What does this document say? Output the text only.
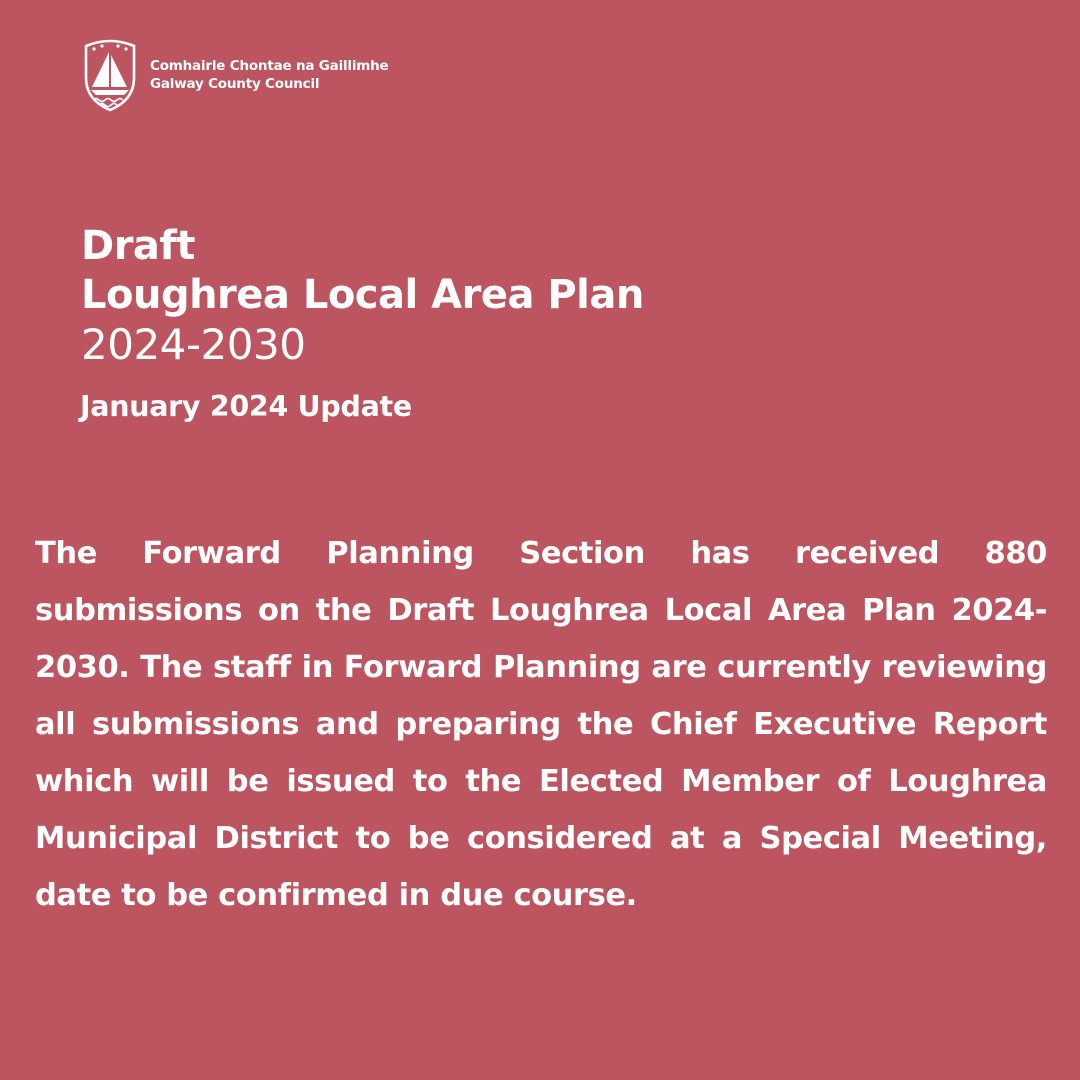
Comhairle Chontae na Gaillimhe
Galway County Council
Draft
Loughrea Local Area Plan
2024-2030
January 2024 Update

The Forward Planning Section has received 880 submissions on the Draft Loughrea Local Area Plan 2024-2030. The staff in Forward Planning are currently reviewing all submissions and preparing the Chief Executive Report which will be issued to the Elected Member of Loughrea Municipal District to be considered at a Special Meeting, date to be confirmed in due course.
